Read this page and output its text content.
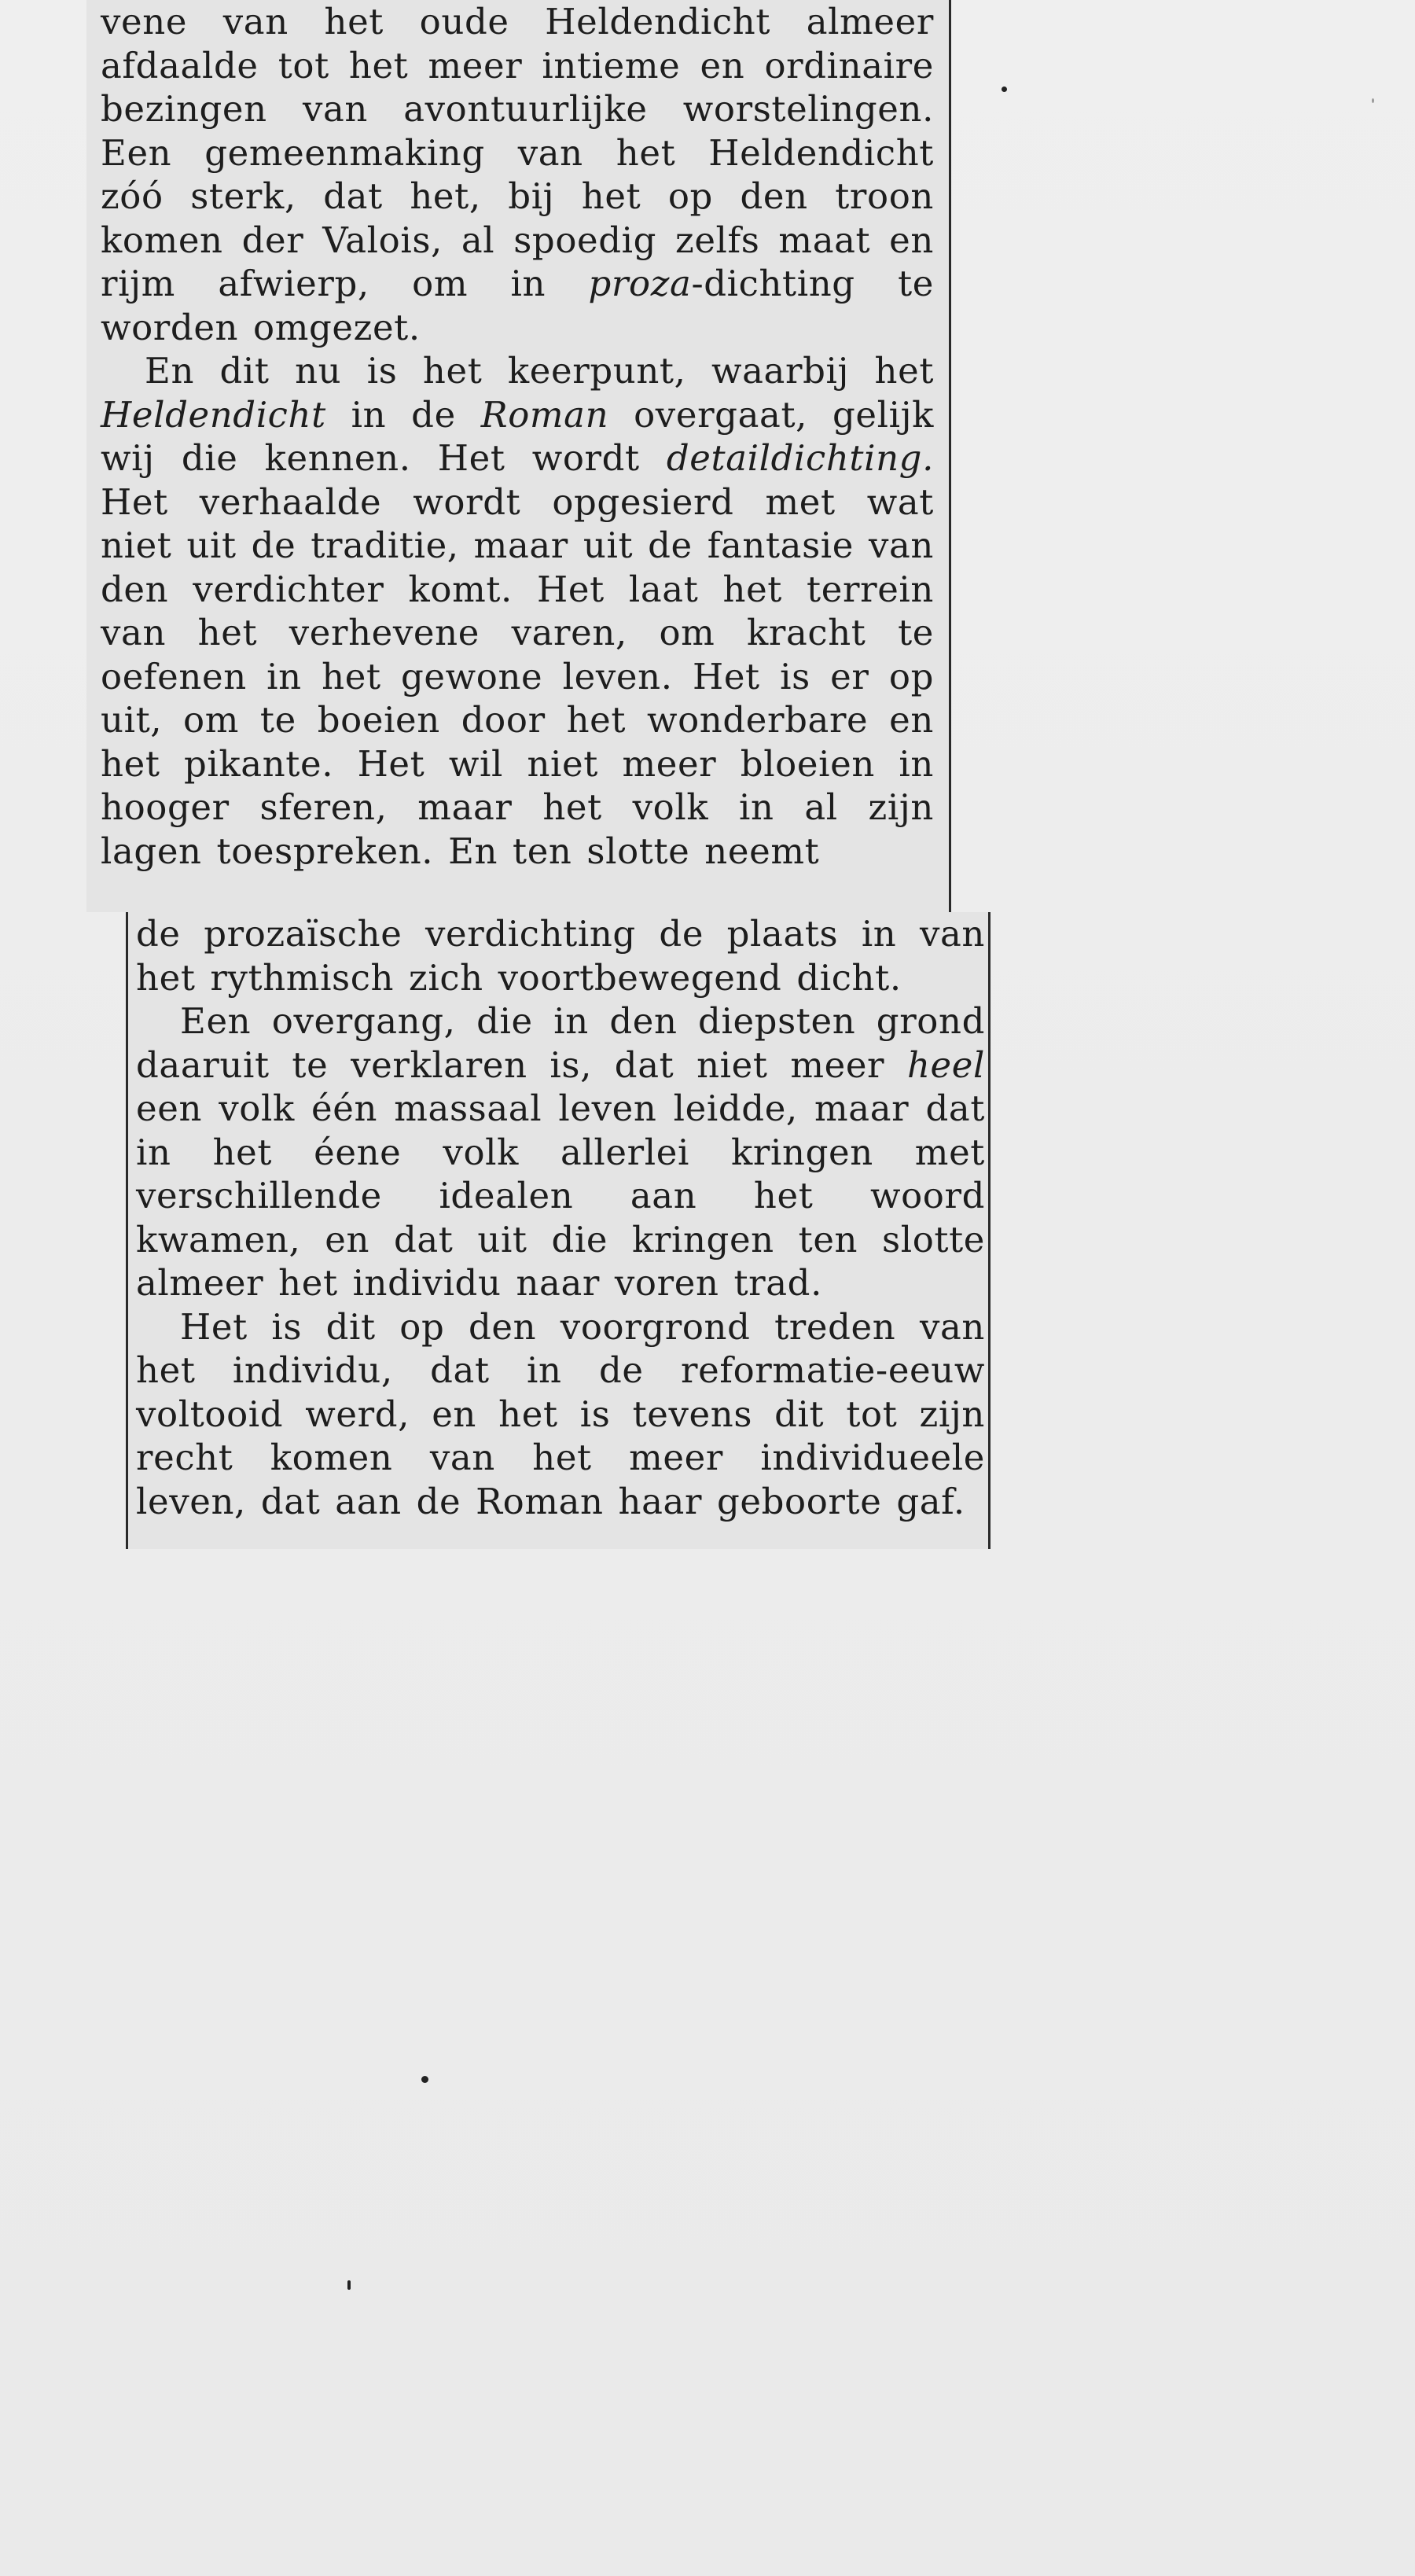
vene van het oude Heldendicht almeer afdaalde tot het meer intieme en ordinaire bezingen van avontuurlijke worstelingen. Een gemeenmaking van het Heldendicht zóó sterk, dat het, bij het op den troon komen der Valois, al spoedig zelfs maat en rijm afwierp, om in proza-dichting te worden omgezet.

En dit nu is het keerpunt, waarbij het Heldendicht in de Roman overgaat, gelijk wij die kennen. Het wordt detaildichting. Het verhaalde wordt opgesierd met wat niet uit de traditie, maar uit de fantasie van den verdichter komt. Het laat het terrein van het verhevene varen, om kracht te oefenen in het gewone leven. Het is er op uit, om te boeien door het wonderbare en het pikante. Het wil niet meer bloeien in hooger sferen, maar het volk in al zijn lagen toespreken. En ten slotte neemt

de prozaïsche verdichting de plaats in van het rythmisch zich voortbewegend dicht.

Een overgang, die in den diepsten grond daaruit te verklaren is, dat niet meer heel een volk één massaal leven leidde, maar dat in het éene volk allerlei kringen met verschillende idealen aan het woord kwamen, en dat uit die kringen ten slotte almeer het individu naar voren trad.

Het is dit op den voorgrond treden van het individu, dat in de reformatie-eeuw voltooid werd, en het is tevens dit tot zijn recht komen van het meer individueele leven, dat aan de Roman haar geboorte gaf.
